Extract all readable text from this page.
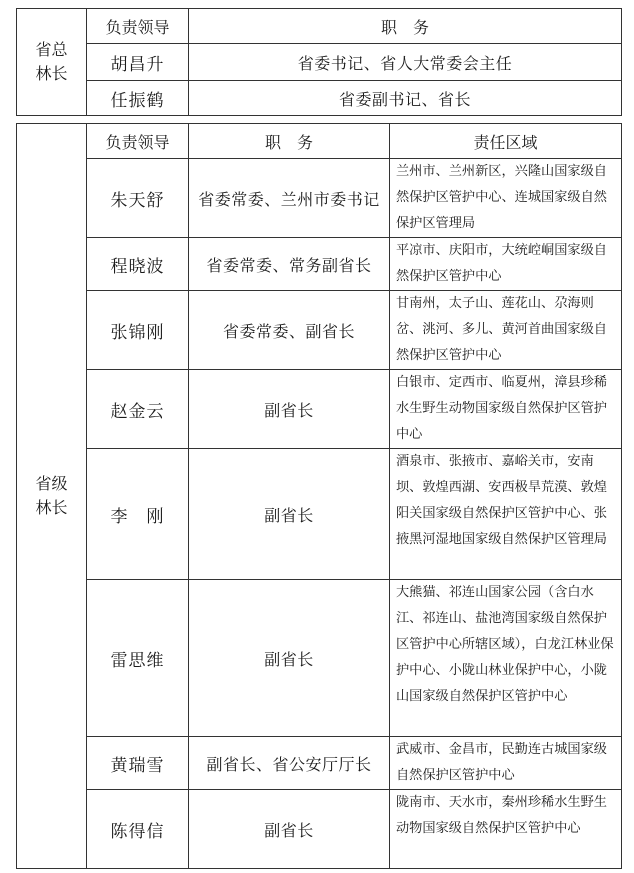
省总林长	负责领导	职　务
	胡昌升	省委书记、省人大常委会主任
	任振鹤	省委副书记、省长
省级林长	负责领导	职　务	责任区域
	朱天舒	省委常委、兰州市委书记	兰州市、兰州新区，兴隆山国家级自然保护区管护中心、连城国家级自然保护区管理局
	程晓波	省委常委、常务副省长	平凉市、庆阳市，大统崆峒国家级自然保护区管护中心
	张锦刚	省委常委、副省长	甘南州，太子山、莲花山、尕海则岔、洮河、多儿、黄河首曲国家级自然保护区管护中心
	赵金云	副省长	白银市、定西市、临夏州，漳县珍稀水生野生动物国家级自然保护区管护中心
	李　刚	副省长	酒泉市、张掖市、嘉峪关市，安南坝、敦煌西湖、安西极旱荒漠、敦煌阳关国家级自然保护区管护中心、张掖黑河湿地国家级自然保护区管理局
	雷思维	副省长	大熊猫、祁连山国家公园（含白水江、祁连山、盐池湾国家级自然保护区管护中心所辖区域），白龙江林业保护中心、小陇山林业保护中心，小陇山国家级自然保护区管护中心
	黄瑞雪	副省长、省公安厅厅长	武威市、金昌市，民勤连古城国家级自然保护区管护中心
	陈得信	副省长	陇南市、天水市，秦州珍稀水生野生动物国家级自然保护区管护中心
